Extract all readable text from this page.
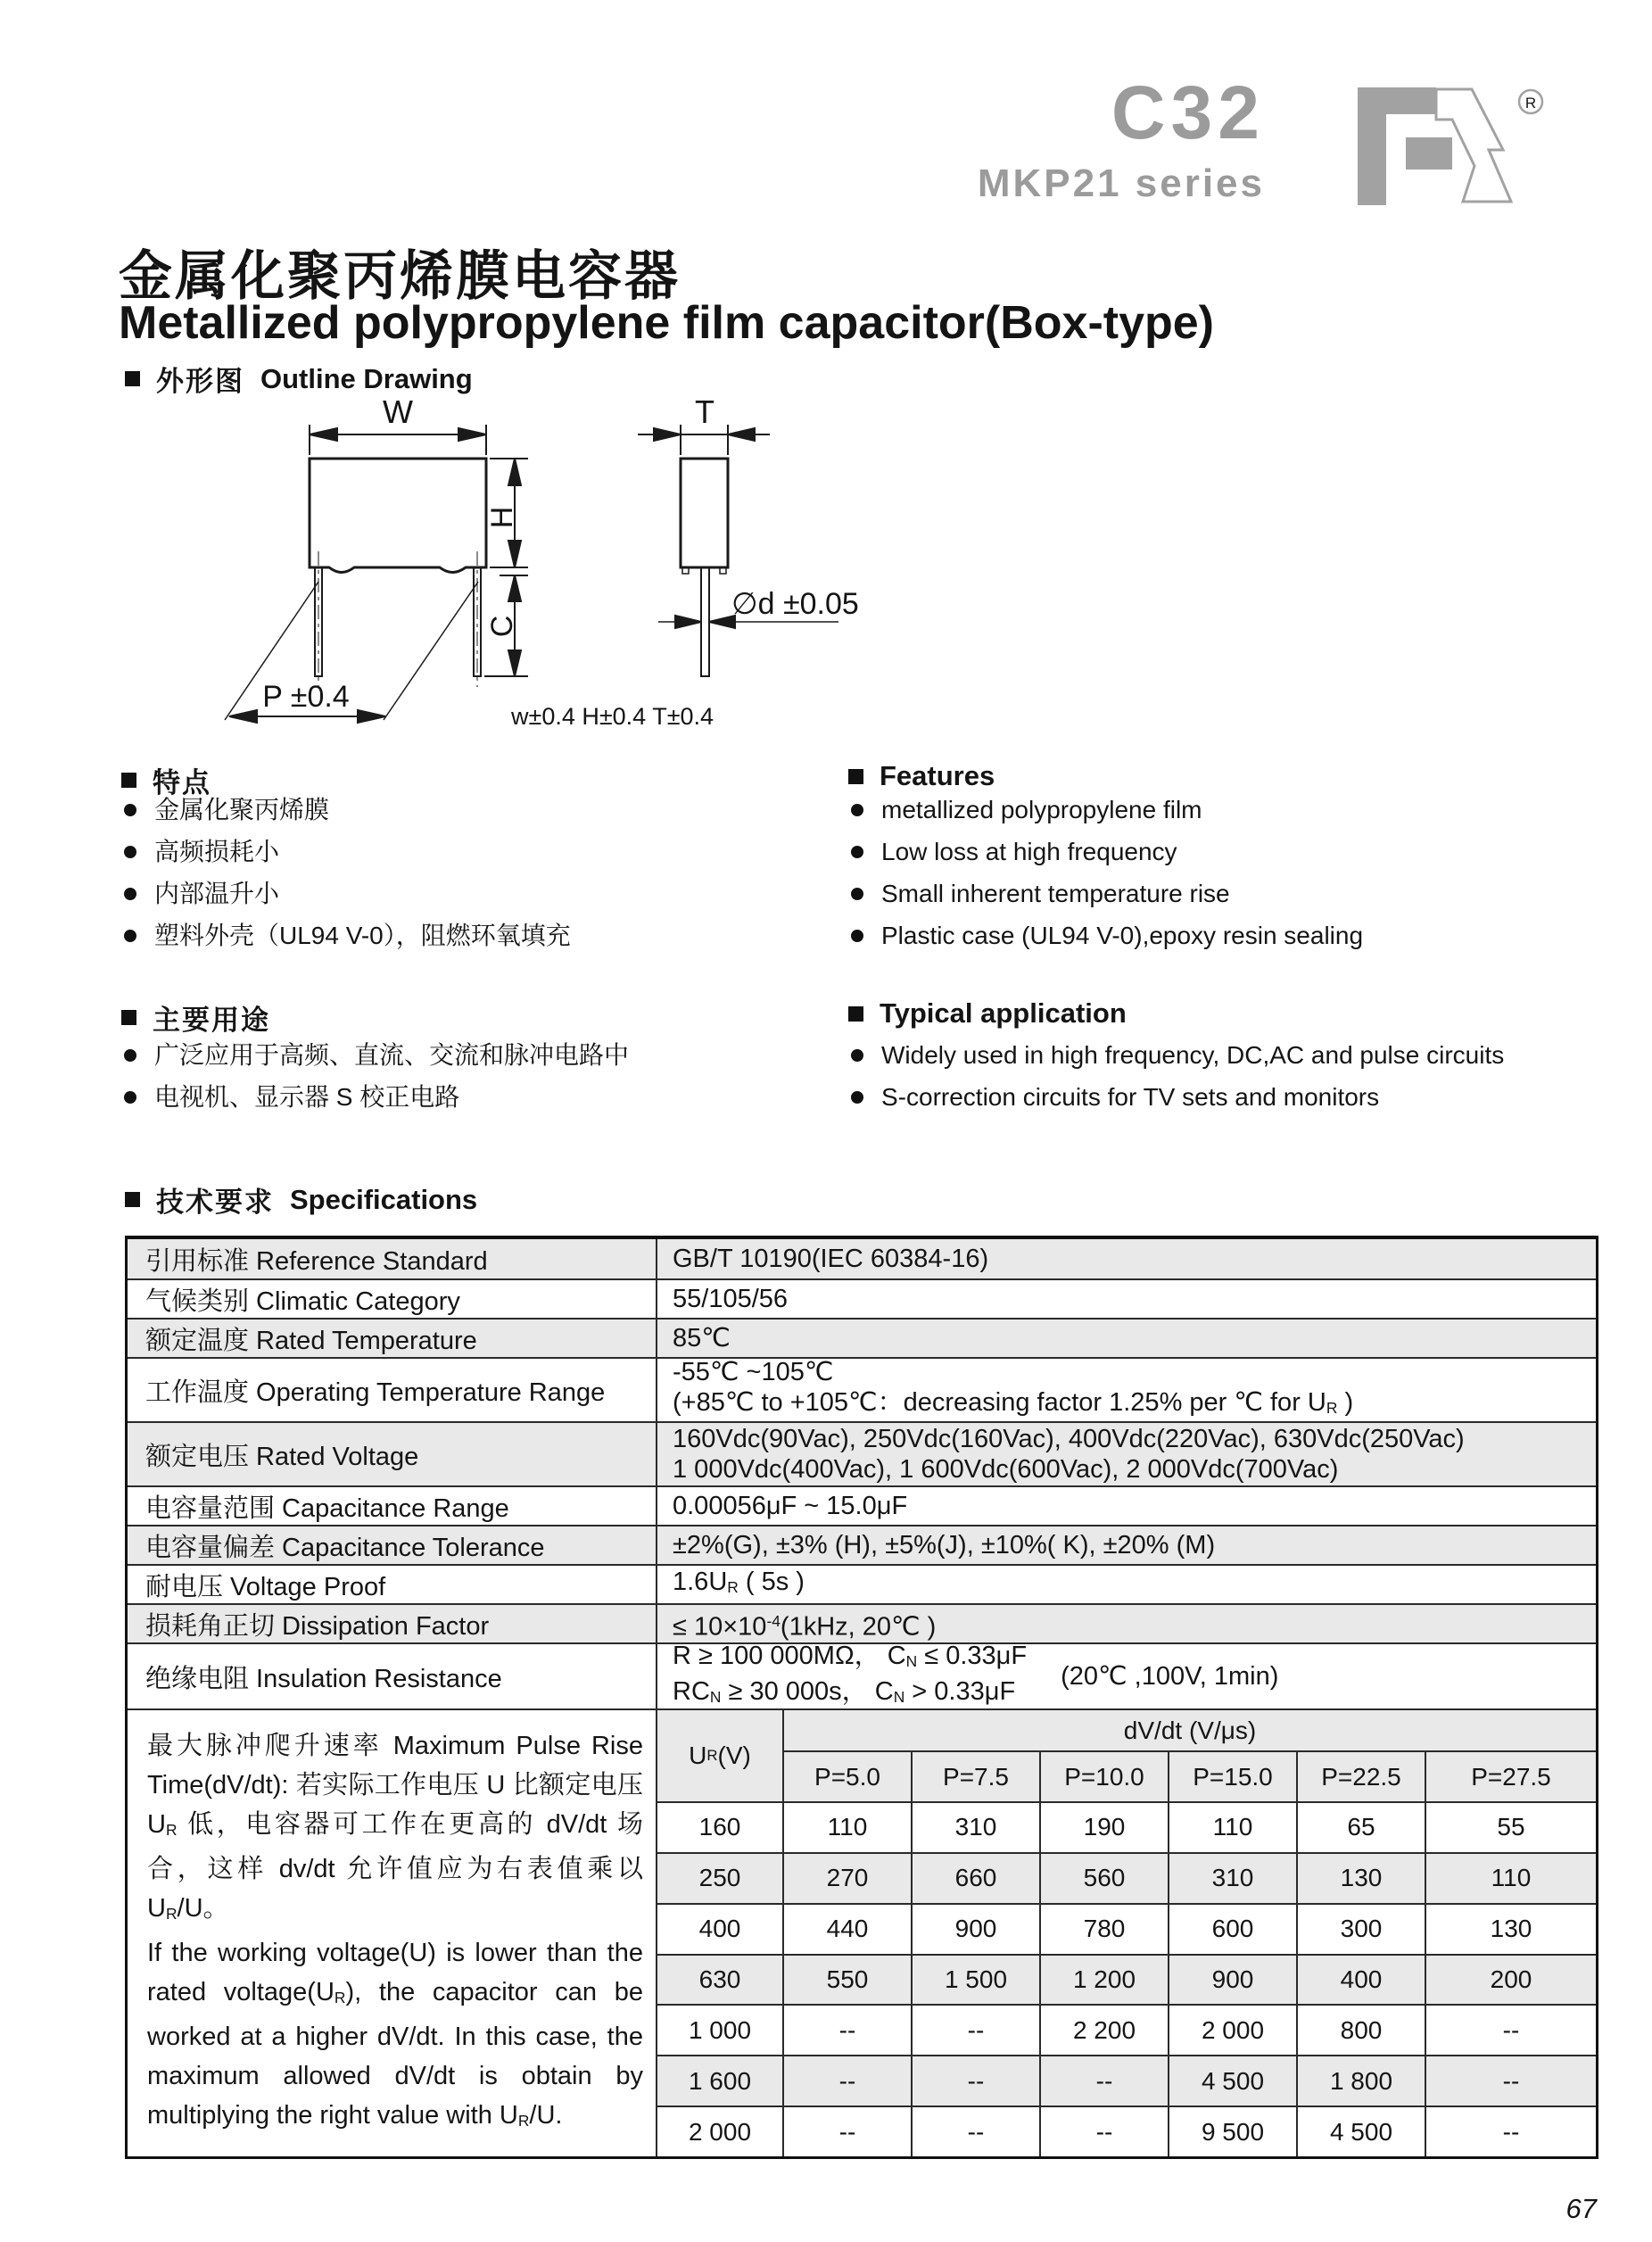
C32
MKP21 series
R
金属化聚丙烯膜电容器
Metallized polypropylene film capacitor(Box-type)
外形图 Outline Drawing
W	T
H
C
P ±0.4
∅d ±0.05
w±0.4 H±0.4 T±0.4
特点
金属化聚丙烯膜
高频损耗小
内部温升小
塑料外壳（UL94 V-0），阻燃环氧填充
Features
metallized polypropylene film
Low loss at high frequency
Small inherent temperature rise
Plastic case (UL94 V-0),epoxy resin sealing
主要用途
广泛应用于高频、直流、交流和脉冲电路中
电视机、显示器 S 校正电路
Typical application
Widely used in high frequency, DC,AC and pulse circuits
S-correction circuits for TV sets and monitors
技术要求 Specifications
引用标准 Reference Standard	GB/T 10190(IEC 60384-16)
气候类别 Climatic Category	55/105/56
额定温度 Rated Temperature	85℃
工作温度 Operating Temperature Range
-55℃ ~105℃
(+85℃ to +105℃：decreasing factor 1.25% per ℃ for $U_R$ )
额定电压 Rated Voltage
160Vdc(90Vac), 250Vdc(160Vac), 400Vdc(220Vac), 630Vdc(250Vac)
1 000Vdc(400Vac), 1 600Vdc(600Vac), 2 000Vdc(700Vac)
电容量范围 Capacitance Range	0.00056μF ~ 15.0μF
电容量偏差 Capacitance Tolerance	±2%(G), ±3% (H), ±5%(J), ±10%( K), ±20% (M)
耐电压 Voltage Proof	$1.6U_R$ ( 5s )
损耗角正切 Dissipation Factor	≤ $10\times 10^{-4}(1kHz$, 20℃ )
绝缘电阻 Insulation Resistance
R ≥ 100 000MΩ， $C_N \le 0.33\mu F$
$RC_N \ge 30$ 000s， $C_N > 0.33\mu F$
(20℃ ,100V, 1min)

最大脉冲爬升速率 Maximum Pulse Rise Time(dV/dt): 若实际工作电压 U 比额定电压 $U_R$ 低，电容器可工作在更高的 dV/dt 场合，这样 dv/dt 允许值应为右表值乘以 $U_R/U$。

If the working voltage(U) is lower than the rated $voltage(U_R)$, the capacitor can be worked at a higher dV/dt. In this case, the maximum allowed dV/dt is obtain by multiplying the right value with $U_R/U$.

U R (V)
dV/dt (V/μs)
P=5.0	P=7.5	P=10.0	P=15.0	P=22.5	P=27.5
160	110	310	190	110	65	55
250	270	660	560	310	130	110
400	440	900	780	600	300	130
630	550	1 500	1 200	900	400	200
1 000	--	--	2 200	2 000	800	--
1 600	--	--	--	4 500	1 800	--
2 000	--	--	--	9 500	4 500	--
67
